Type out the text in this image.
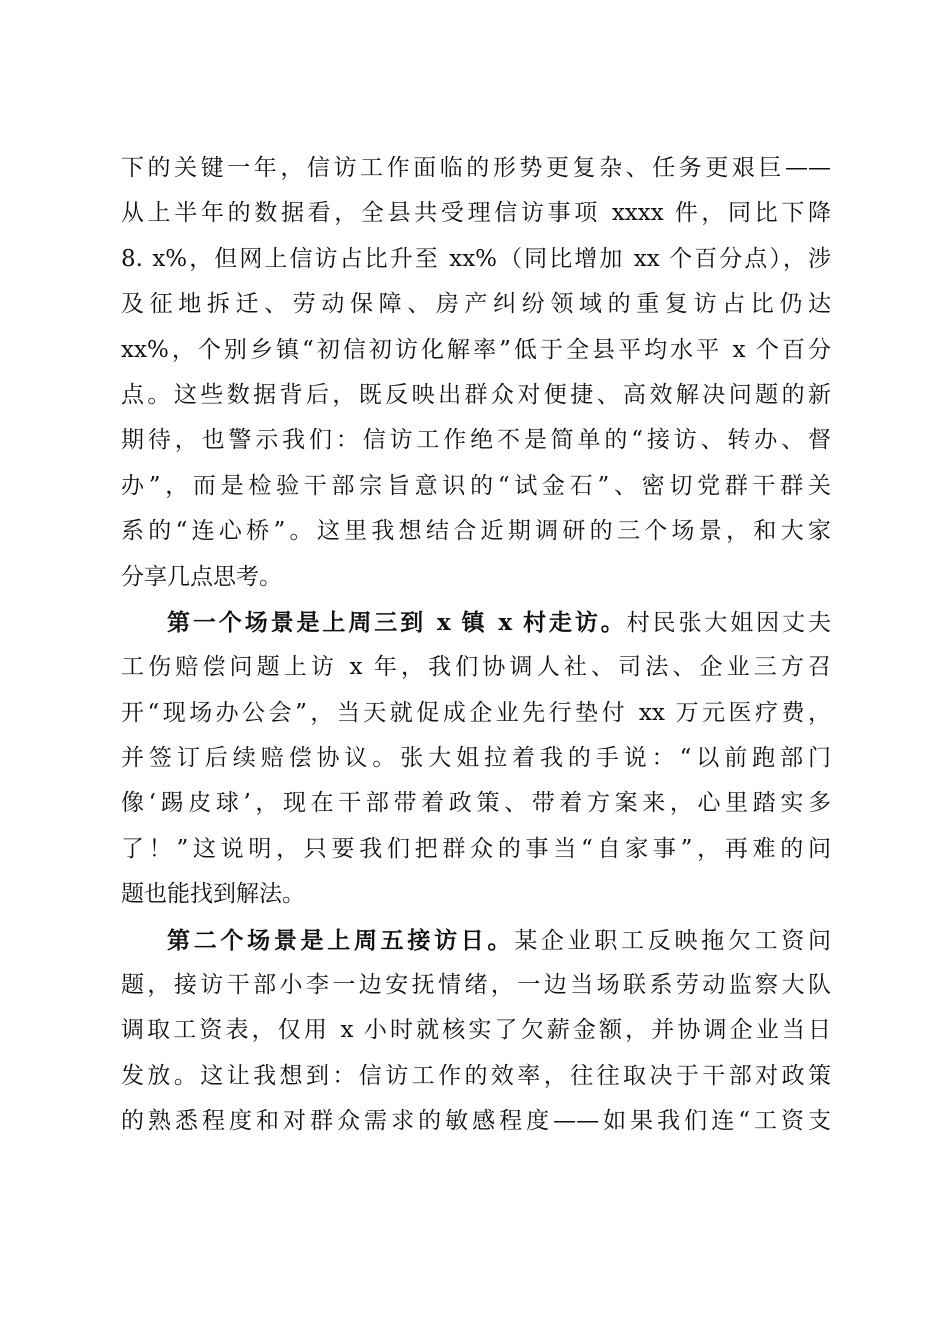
下的关键一年，信访工作面临的形势更复杂、任务更艰巨——
从上半年的数据看，全县共受理信访事项 xxxx 件，同比下降
8. x%，但网上信访占比升至 xx%（同比增加 xx 个百分点），涉
及征地拆迁、劳动保障、房产纠纷领域的重复访占比仍达
xx%，个别乡镇“初信初访化解率”低于全县平均水平 x 个百分
点。这些数据背后，既反映出群众对便捷、高效解决问题的新
期待，也警示我们：信访工作绝不是简单的“接访、转办、督
办”，而是检验干部宗旨意识的“试金石”、密切党群干群关
系的“连心桥”。这里我想结合近期调研的三个场景，和大家
分享几点思考。
第一个场景是上周三到 x 镇 x 村走访。村民张大姐因丈夫
工伤赔偿问题上访 x 年，我们协调人社、司法、企业三方召
开“现场办公会”，当天就促成企业先行垫付 xx 万元医疗费，
并签订后续赔偿协议。张大姐拉着我的手说：“以前跑部门
像‘踢皮球’，现在干部带着政策、带着方案来，心里踏实多
了！”这说明，只要我们把群众的事当“自家事”，再难的问
题也能找到解法。
第二个场景是上周五接访日。某企业职工反映拖欠工资问
题，接访干部小李一边安抚情绪，一边当场联系劳动监察大队
调取工资表，仅用 x 小时就核实了欠薪金额，并协调企业当日
发放。这让我想到：信访工作的效率，往往取决于干部对政策
的熟悉程度和对群众需求的敏感程度——如果我们连“工资支
